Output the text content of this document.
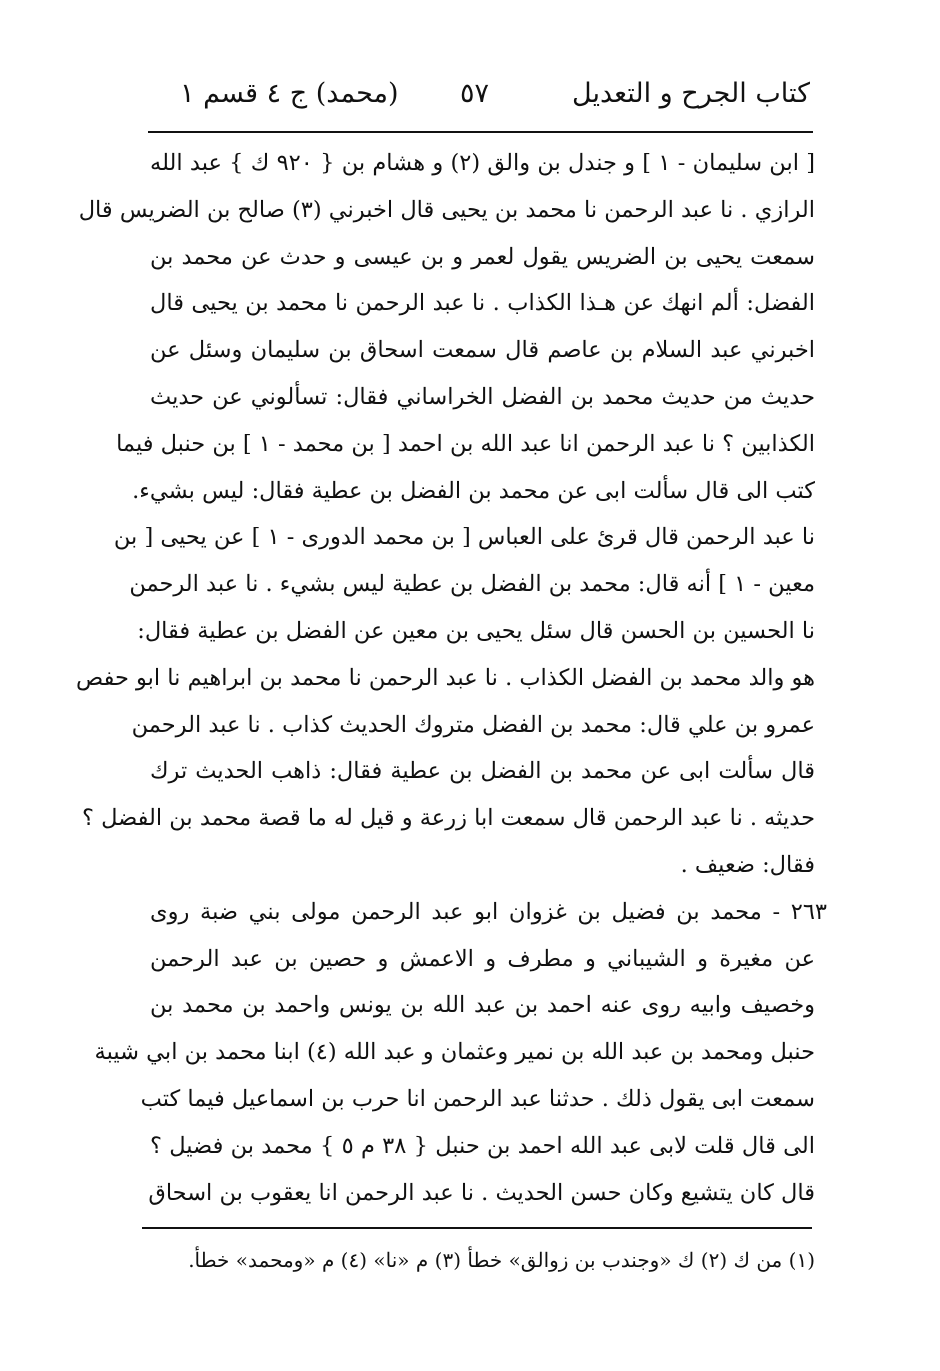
كتاب الجرح و التعديل
٥٧
(محمد) ج ٤ قسم ١
[ ابن سليمان - ١ ] و جندل بن والق (٢) و هشام بن { ٩٢٠ ك } عبد الله
الرازي . نا عبد الرحمن نا محمد بن يحيى قال اخبرني (٣) صالح بن الضريس قال
سمعت يحيى بن الضريس يقول لعمر و بن عيسى و حدث عن محمد بن
الفضل: ألم انهك عن هـذا الكذاب . نا عبد الرحمن نا محمد بن يحيى قال
اخبرني عبد السلام بن عاصم قال سمعت اسحاق بن سليمان وسئل عن
حديث من حديث محمد بن الفضل الخراساني فقال: تسألوني عن حديث
الكذابين ؟ نا عبد الرحمن انا عبد الله بن احمد [ بن محمد - ١ ] بن حنبل فيما
كتب الى قال سألت ابى عن محمد بن الفضل بن عطية فقال: ليس بشيء.
نا عبد الرحمن قال قرئ على العباس [ بن محمد الدورى - ١ ] عن يحيى [ بن
معين - ١ ] أنه قال: محمد بن الفضل بن عطية ليس بشيء . نا عبد الرحمن
نا الحسين بن الحسن قال سئل يحيى بن معين عن الفضل بن عطية فقال:
هو والد محمد بن الفضل الكذاب . نا عبد الرحمن نا محمد بن ابراهيم نا ابو حفص
عمرو بن علي قال: محمد بن الفضل متروك الحديث كذاب . نا عبد الرحمن
قال سألت ابى عن محمد بن الفضل بن عطية فقال: ذاهب الحديث ترك
حديثه . نا عبد الرحمن قال سمعت ابا زرعة و قيل له ما قصة محمد بن الفضل ؟
فقال: ضعيف .
٢٦٣ - محمد بن فضيل بن غزوان ابو عبد الرحمن مولى بني ضبة روى
عن مغيرة و الشيباني و مطرف و الاعمش و حصين بن عبد الرحمن
وخصيف وابيه روى عنه احمد بن عبد الله بن يونس واحمد بن محمد بن
حنبل ومحمد بن عبد الله بن نمير وعثمان و عبد الله (٤) ابنا محمد بن ابي شيبة
سمعت ابى يقول ذلك . حدثنا عبد الرحمن انا حرب بن اسماعيل فيما كتب
الى قال قلت لابى عبد الله احمد بن حنبل { ٣٨ م ٥ } محمد بن فضيل ؟
قال كان يتشيع وكان حسن الحديث . نا عبد الرحمن انا يعقوب بن اسحاق
(١) من ك (٢) ك «وجندب بن زوالق» خطأ (٣) م «نا» (٤) م «ومحمد» خطأ.
